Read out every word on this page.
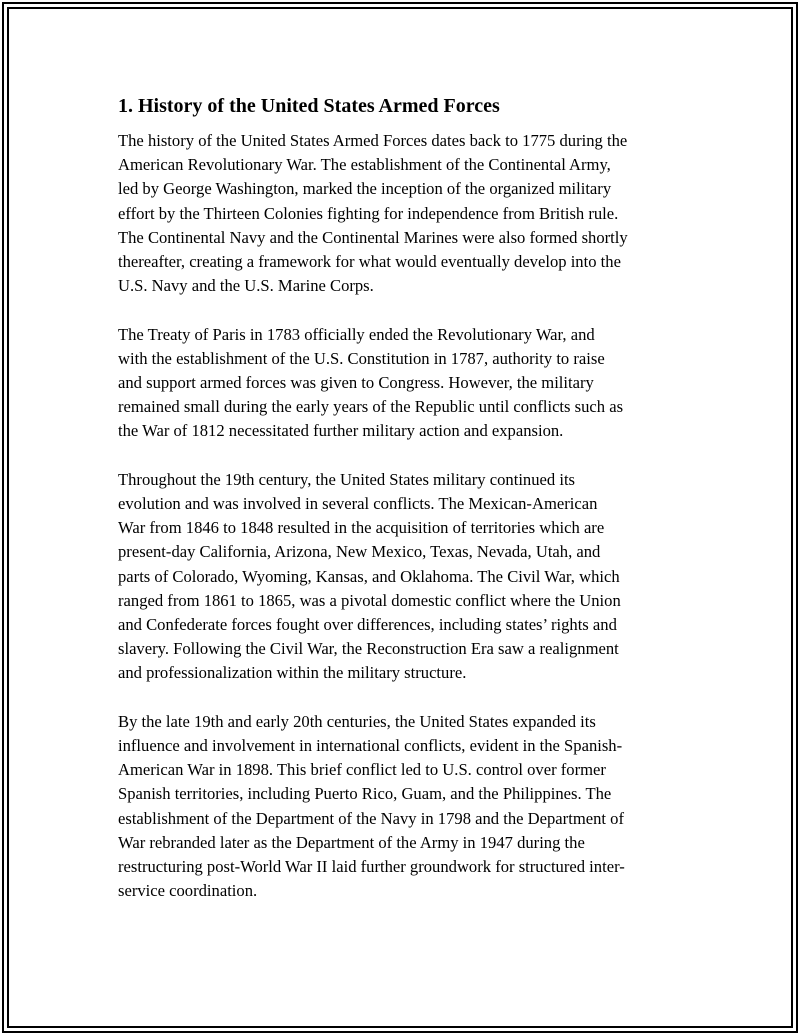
1. History of the United States Armed Forces

The history of the United States Armed Forces dates back to 1775 during the
American Revolutionary War. The establishment of the Continental Army,
led by George Washington, marked the inception of the organized military
effort by the Thirteen Colonies fighting for independence from British rule.
The Continental Navy and the Continental Marines were also formed shortly
thereafter, creating a framework for what would eventually develop into the
U.S. Navy and the U.S. Marine Corps.

The Treaty of Paris in 1783 officially ended the Revolutionary War, and
with the establishment of the U.S. Constitution in 1787, authority to raise
and support armed forces was given to Congress. However, the military
remained small during the early years of the Republic until conflicts such as
the War of 1812 necessitated further military action and expansion.

Throughout the 19th century, the United States military continued its
evolution and was involved in several conflicts. The Mexican-American
War from 1846 to 1848 resulted in the acquisition of territories which are
present-day California, Arizona, New Mexico, Texas, Nevada, Utah, and
parts of Colorado, Wyoming, Kansas, and Oklahoma. The Civil War, which
ranged from 1861 to 1865, was a pivotal domestic conflict where the Union
and Confederate forces fought over differences, including states’ rights and
slavery. Following the Civil War, the Reconstruction Era saw a realignment
and professionalization within the military structure.

By the late 19th and early 20th centuries, the United States expanded its
influence and involvement in international conflicts, evident in the Spanish-
American War in 1898. This brief conflict led to U.S. control over former
Spanish territories, including Puerto Rico, Guam, and the Philippines. The
establishment of the Department of the Navy in 1798 and the Department of
War rebranded later as the Department of the Army in 1947 during the
restructuring post-World War II laid further groundwork for structured inter-
service coordination.
